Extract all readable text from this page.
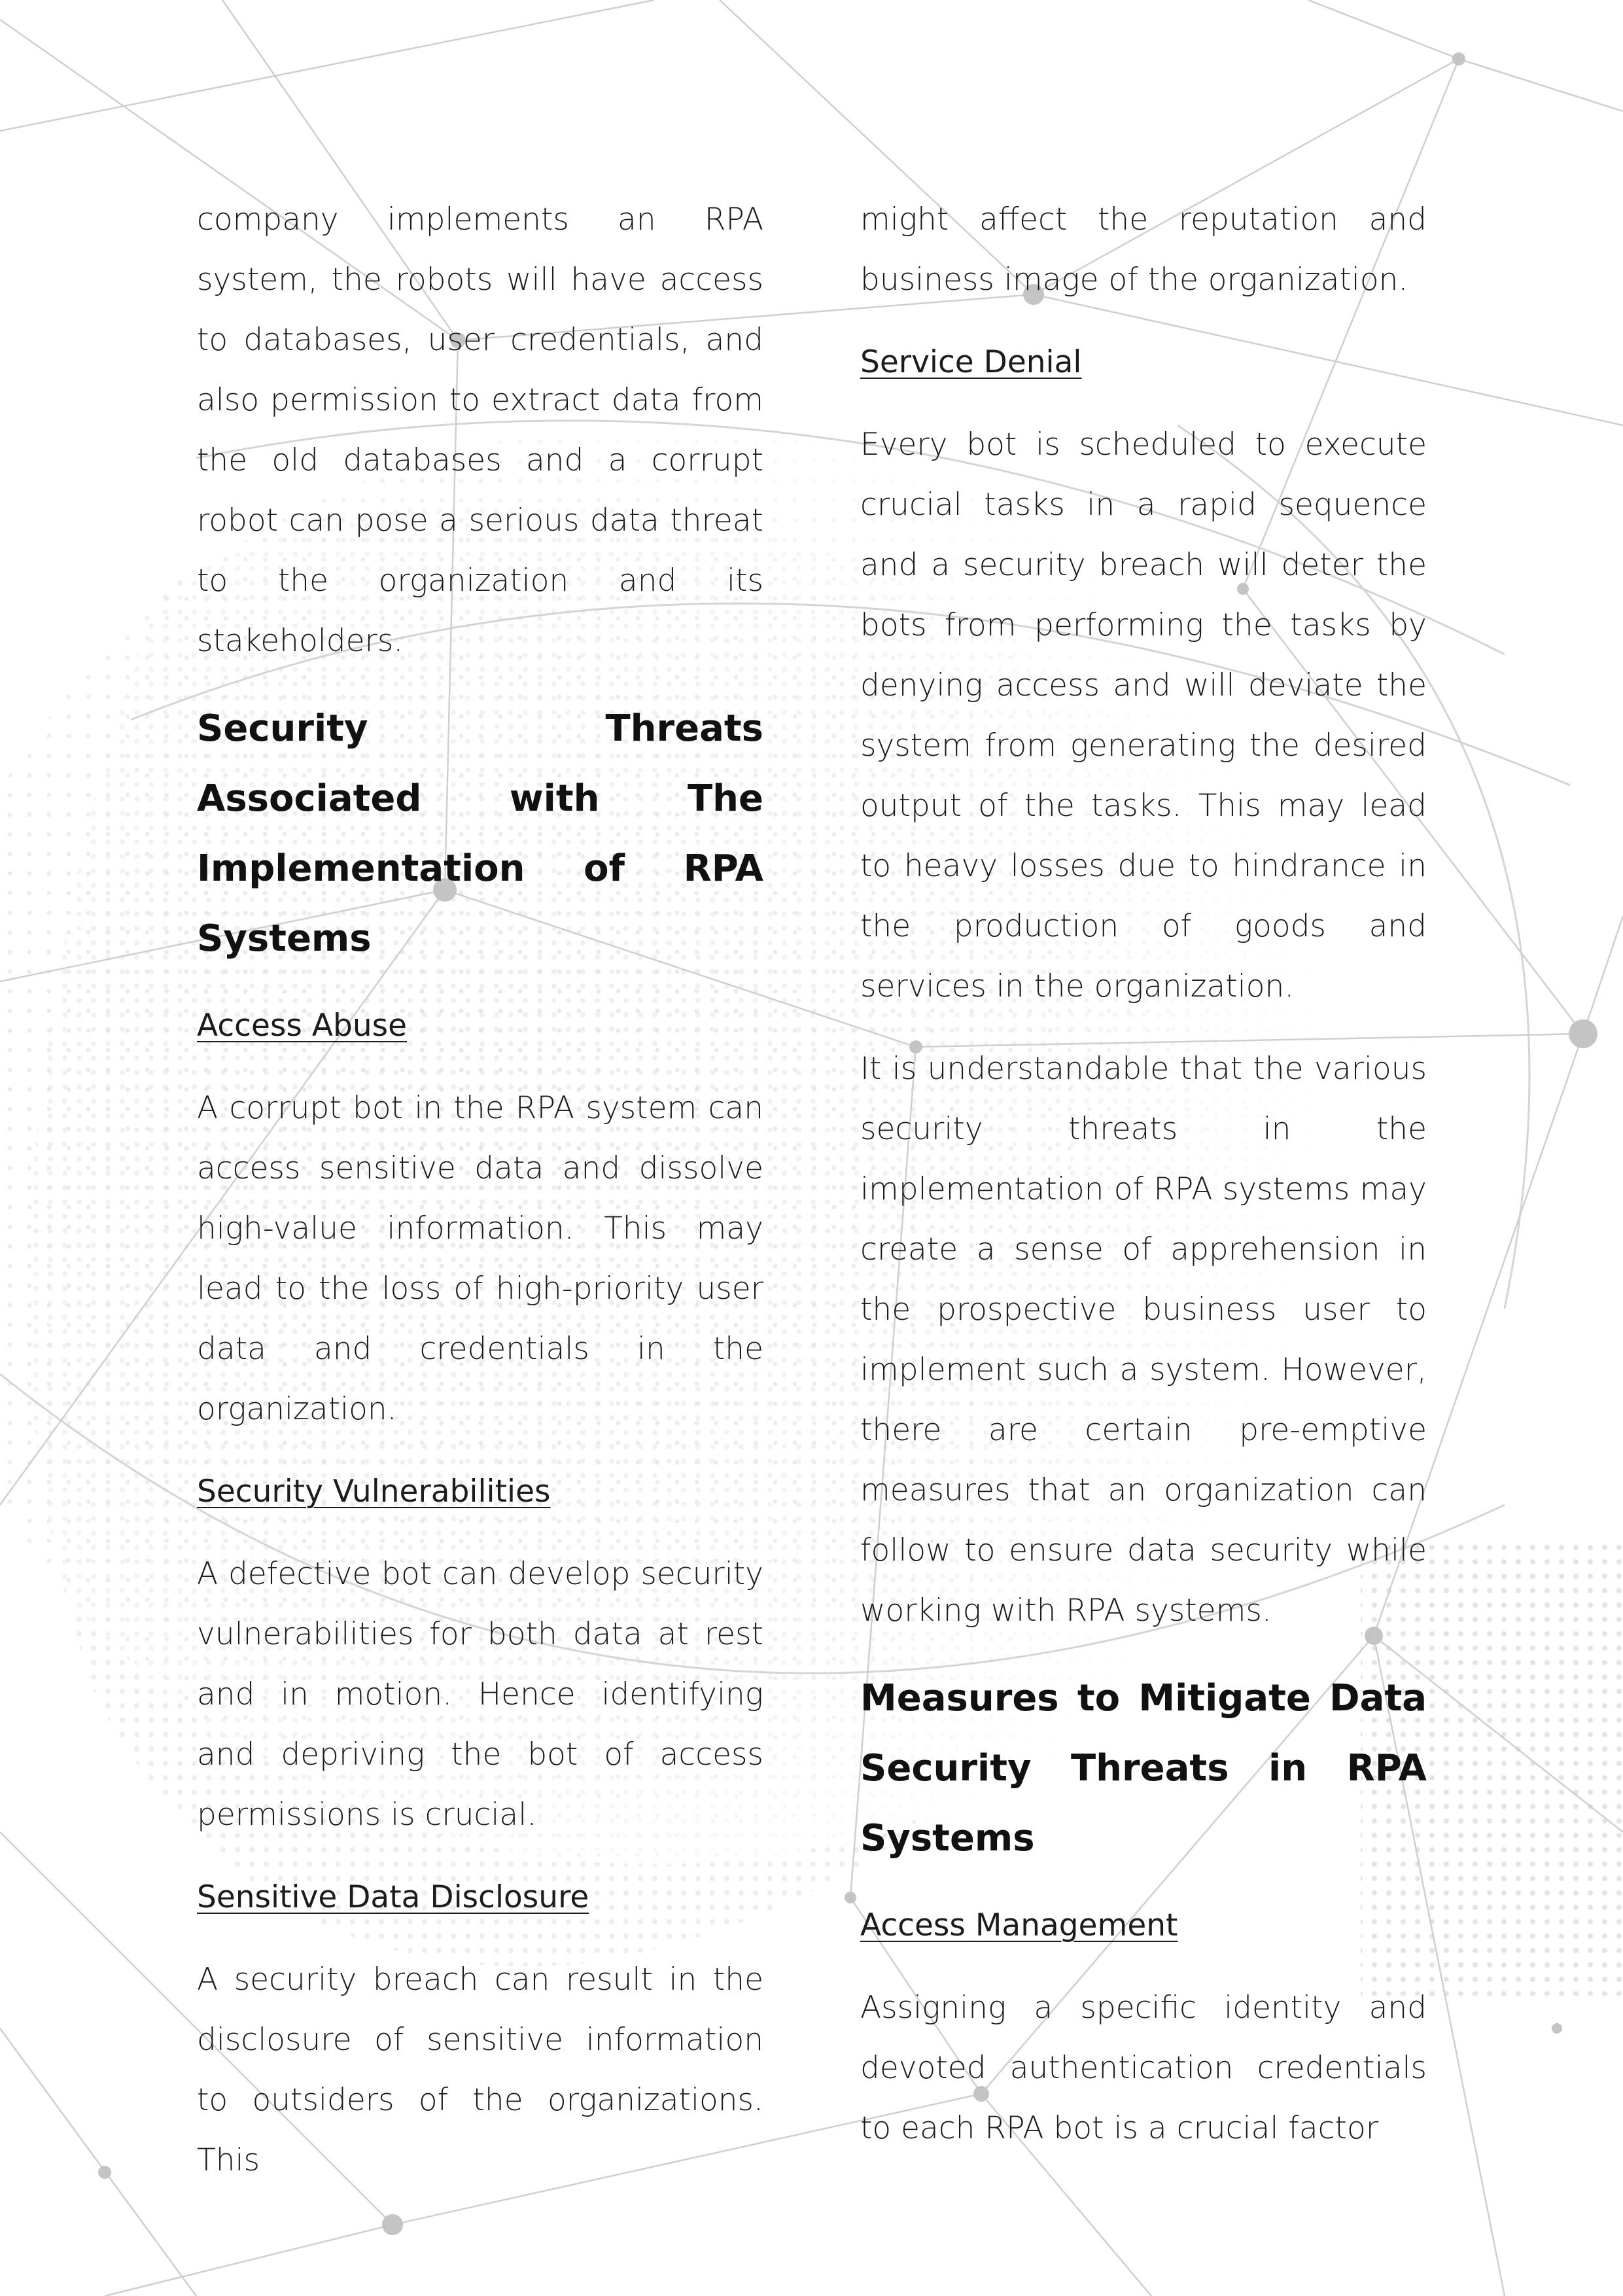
company implements an RPA system, the robots will have access to databases, user credentials, and also permission to extract data from the old databases and a corrupt robot can pose a serious data threat to the organization and its stakeholders.

Security Threats Associated with The Implementation of RPA Systems
Access Abuse

A corrupt bot in the RPA system can access sensitive data and dissolve high-value information. This may lead to the loss of high-priority user data and credentials in the organization.

Security Vulnerabilities

A defective bot can develop security vulnerabilities for both data at rest and in motion. Hence identifying and depriving the bot of access permissions is crucial.

Sensitive Data Disclosure

A security breach can result in the disclosure of sensitive information to outsiders of the organizations. This

might affect the reputation and business image of the organization.

Service Denial

Every bot is scheduled to execute crucial tasks in a rapid sequence and a security breach will deter the bots from performing the tasks by denying access and will deviate the system from generating the desired output of the tasks. This may lead to heavy losses due to hindrance in the production of goods and services in the organization.

It is understandable that the various security threats in the implementation of RPA systems may create a sense of apprehension in the prospective business user to implement such a system. However, there are certain pre-emptive measures that an organization can follow to ensure data security while working with RPA systems.

Measures to Mitigate Data Security Threats in RPA Systems
Access Management

Assigning a specific identity and devoted authentication credentials to each RPA bot is a crucial factor
